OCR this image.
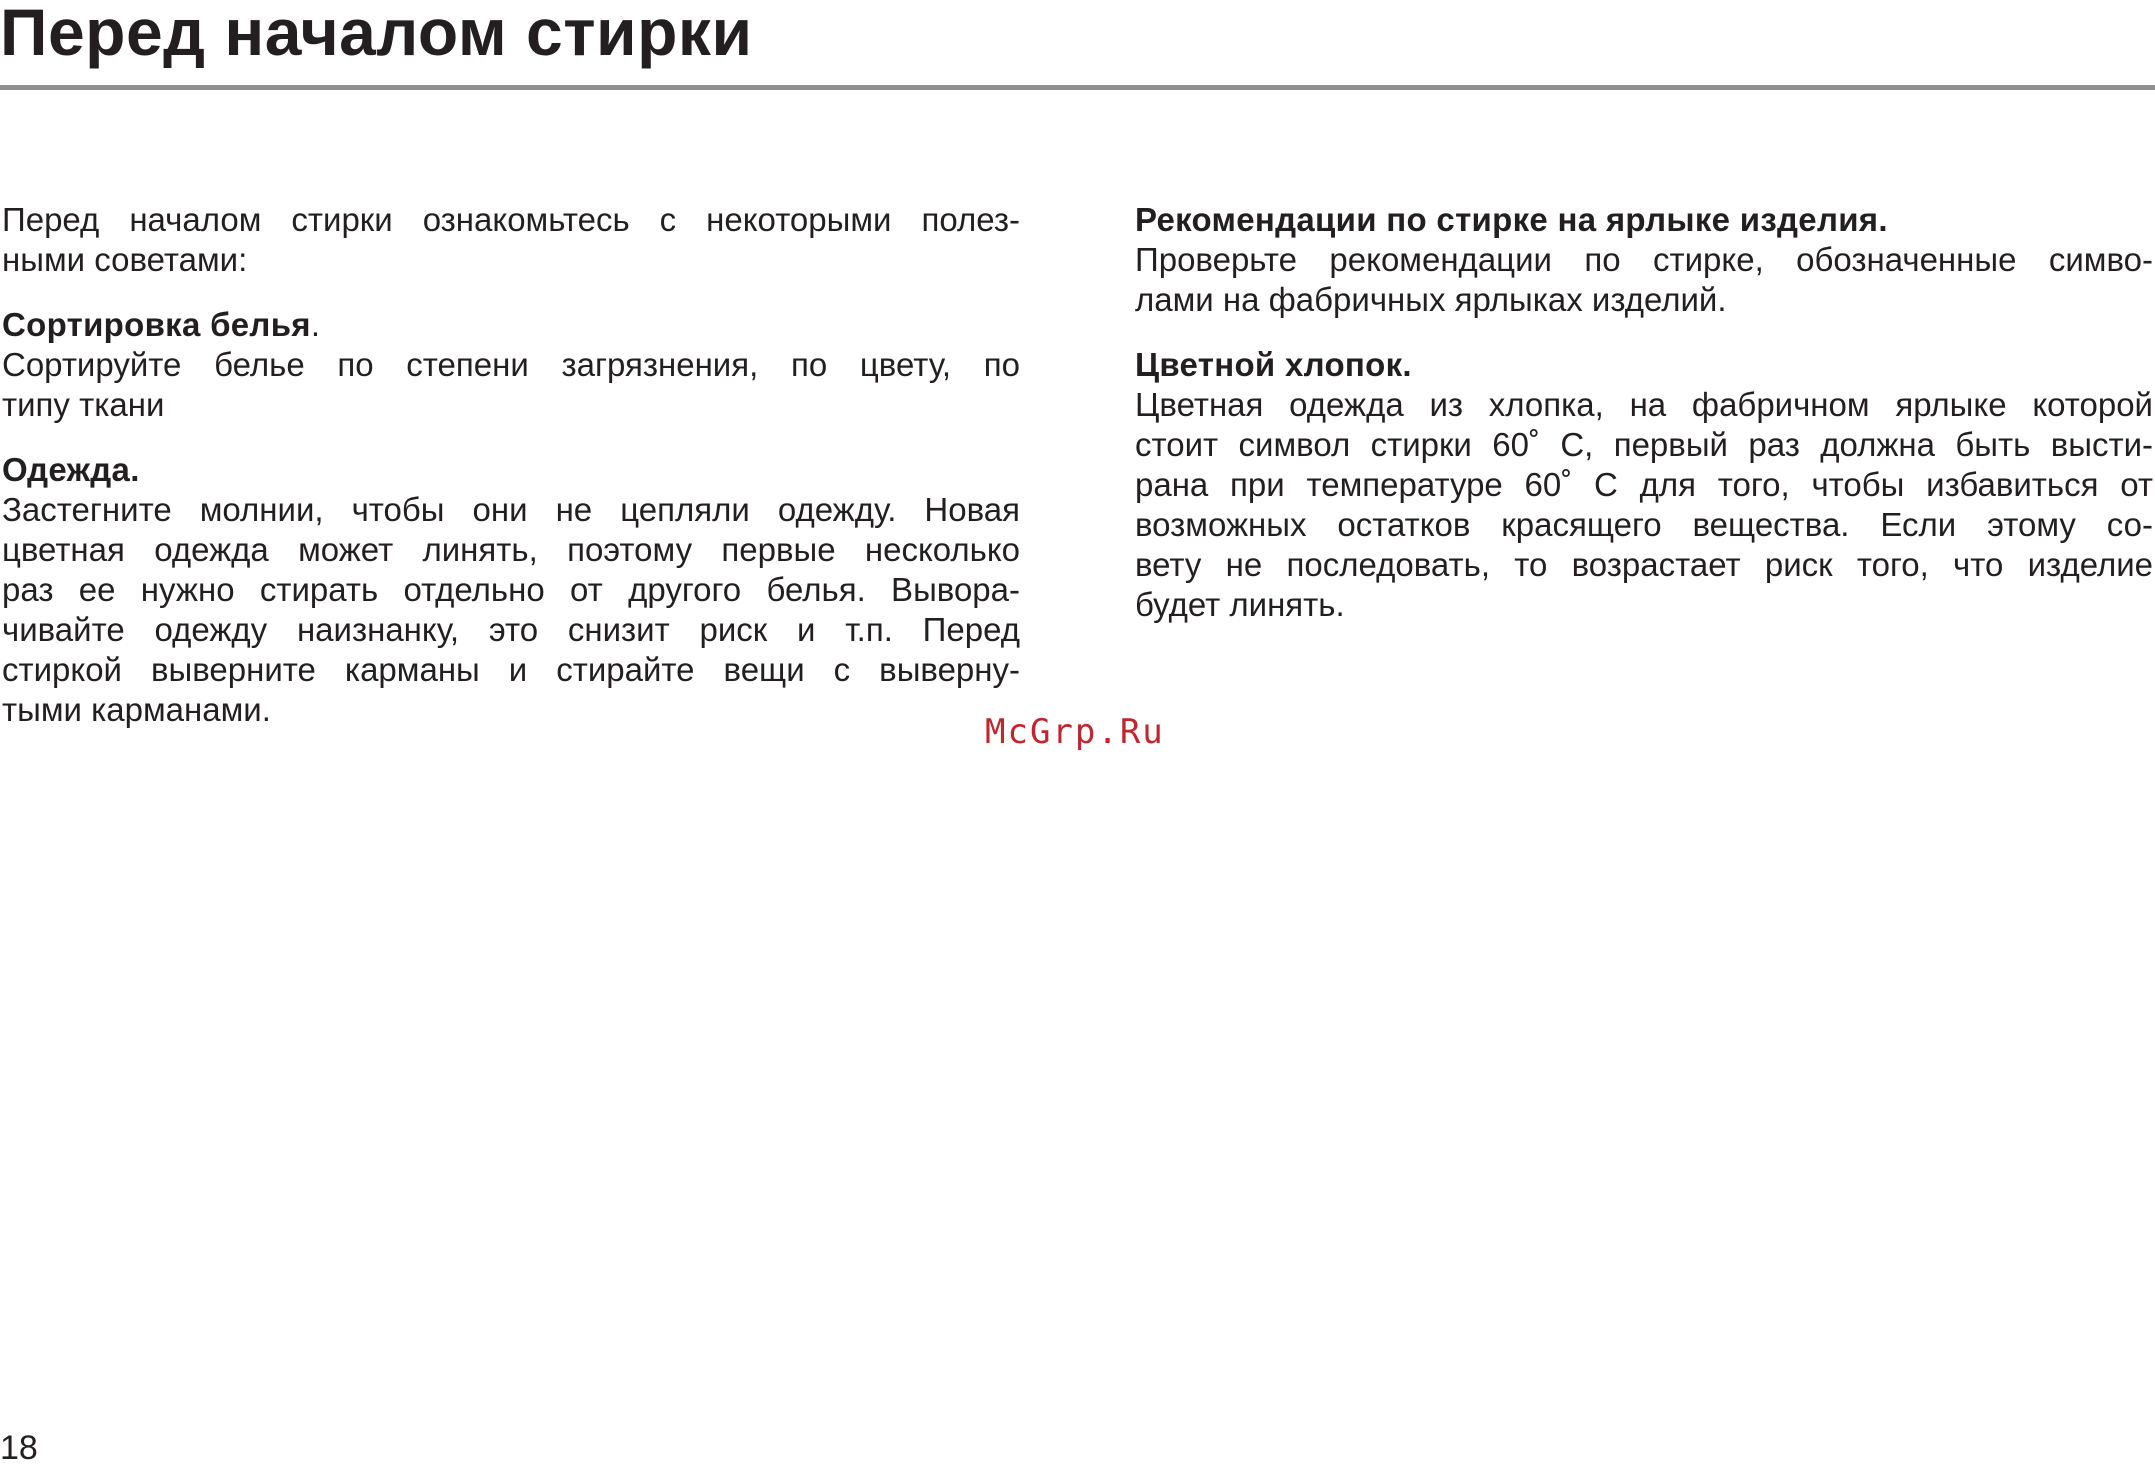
Перед началом стирки

Перед началом стирки ознакомьтесь с некоторыми полез-
ными советами:

Сортировка белья.
Сортируйте белье по степени загрязнения, по цвету, по
типу ткани
Одежда.
Застегните молнии, чтобы они не цепляли одежду. Новая
цветная одежда может линять, поэтому первые несколько
раз ее нужно стирать отдельно от другого белья. Вывора-
чивайте одежду наизнанку, это снизит риск и т.п. Перед
стиркой выверните карманы и стирайте вещи с выверну-
тыми карманами.
Рекомендации по стирке на ярлыке изделия.
Проверьте рекомендации по стирке, обозначенные симво-
лами на фабричных ярлыках изделий.
Цветной хлопок.
Цветная одежда из хлопка, на фабричном ярлыке которой
стоит символ стирки 60˚ С, первый раз должна быть высти-
рана при температуре 60˚ С для того, чтобы избавиться от
возможных остатков красящего вещества. Если этому со-
вету не последовать, то возрастает риск того, что изделие
будет линять.
McGrp.Ru
18
